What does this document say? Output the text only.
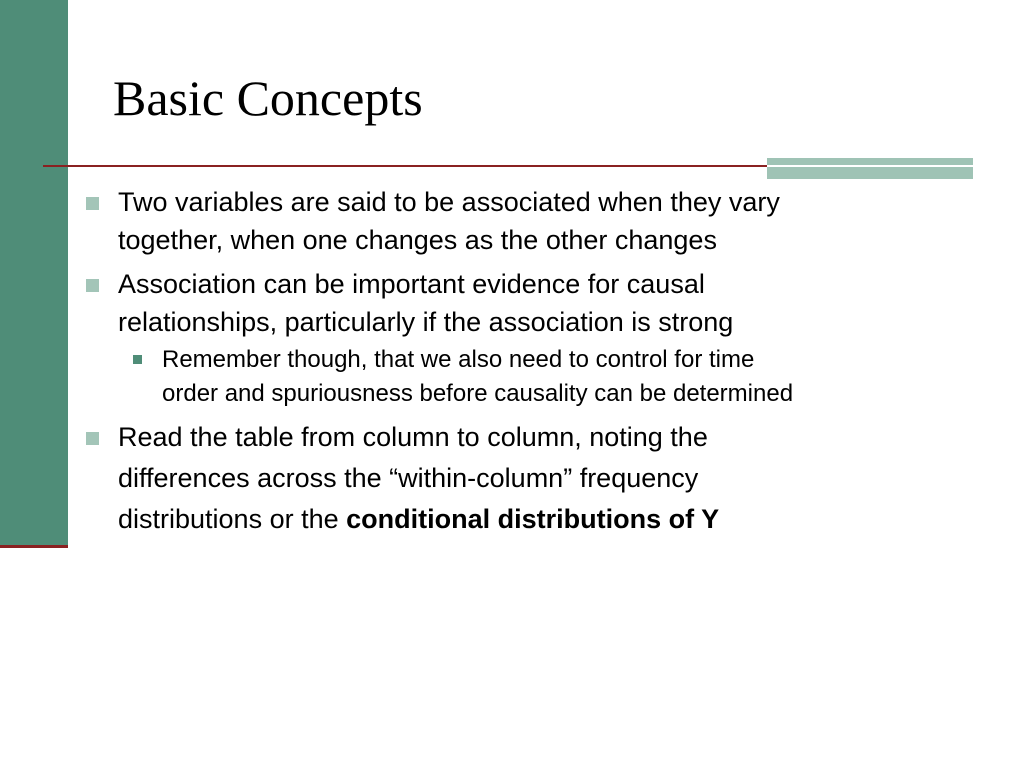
Basic Concepts
Two variables are said to be associated when they vary
together, when one changes as the other changes
Association can be important evidence for causal
relationships, particularly if the association is strong
Remember though, that we also need to control for time
order and spuriousness before causality can be determined
Read the table from column to column, noting the
differences across the “within-column” frequency
distributions or the conditional distributions of Y
